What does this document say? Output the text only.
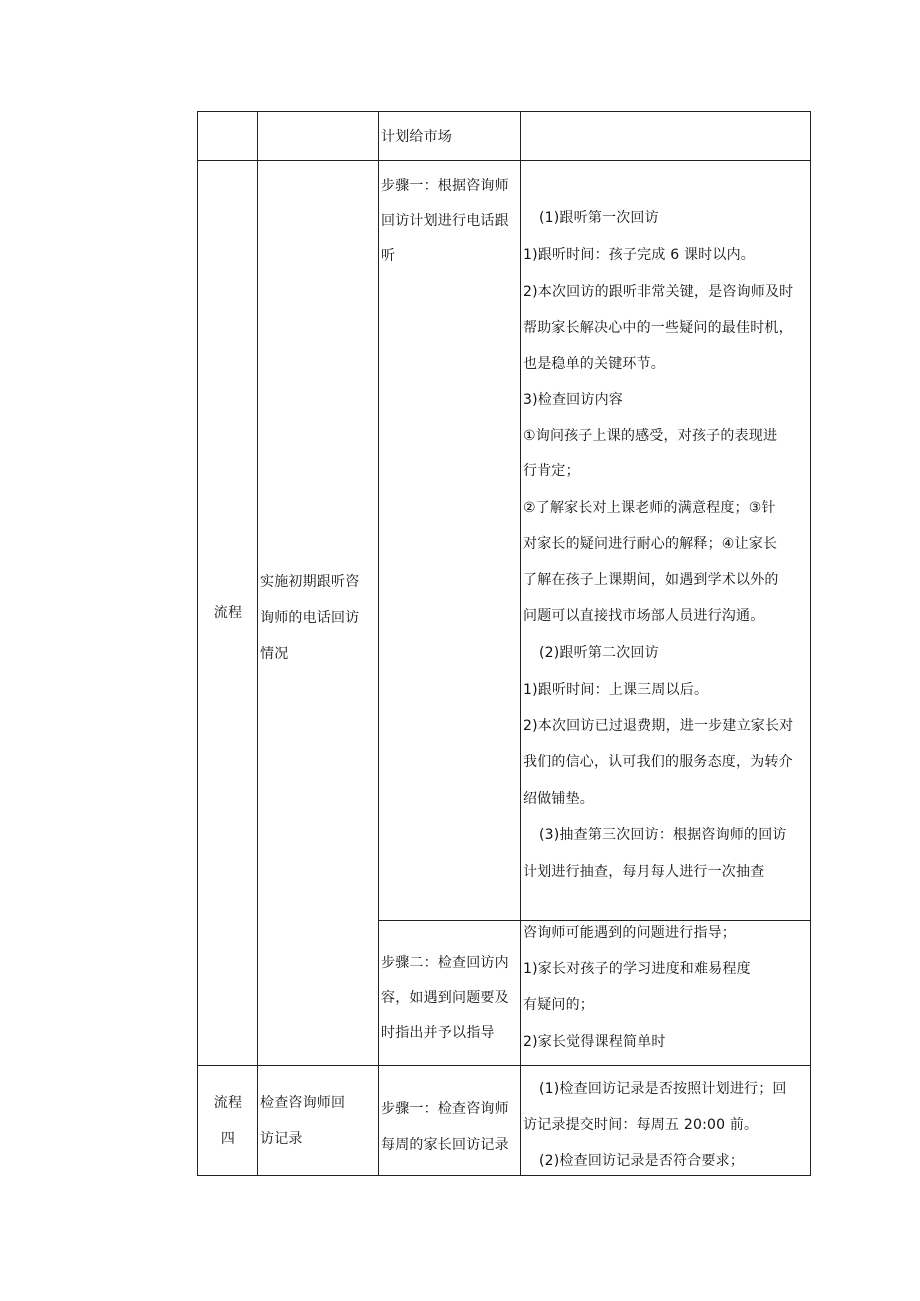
计划给市场
流程
实施初期跟听咨
询师的电话回访
情况
步骤一：根据咨询师
回访计划进行电话跟
听
(1)跟听第一次回访
1)跟听时间：孩子完成 6 课时以内。
2)本次回访的跟听非常关键，是咨询师及时
帮助家长解决心中的一些疑问的最佳时机，
也是稳单的关键环节。
3)检查回访内容
①询问孩子上课的感受，对孩子的表现进
行肯定；
②了解家长对上课老师的满意程度；③针
对家长的疑问进行耐心的解释；④让家长
了解在孩子上课期间，如遇到学术以外的
问题可以直接找市场部人员进行沟通。
(2)跟听第二次回访
1)跟听时间：上课三周以后。
2)本次回访已过退费期，进一步建立家长对
我们的信心，认可我们的服务态度，为转介
绍做铺垫。
(3)抽查第三次回访：根据咨询师的回访
计划进行抽查，每月每人进行一次抽查
步骤二：检查回访内
容，如遇到问题要及
时指出并予以指导
咨询师可能遇到的问题进行指导；
1)家长对孩子的学习进度和难易程度
有疑问的；
2)家长觉得课程简单时
流程
四
检查咨询师回
访记录
步骤一：检查咨询师
每周的家长回访记录
(1)检查回访记录是否按照计划进行；回
访记录提交时间：每周五 20:00 前。
(2)检查回访记录是否符合要求；
